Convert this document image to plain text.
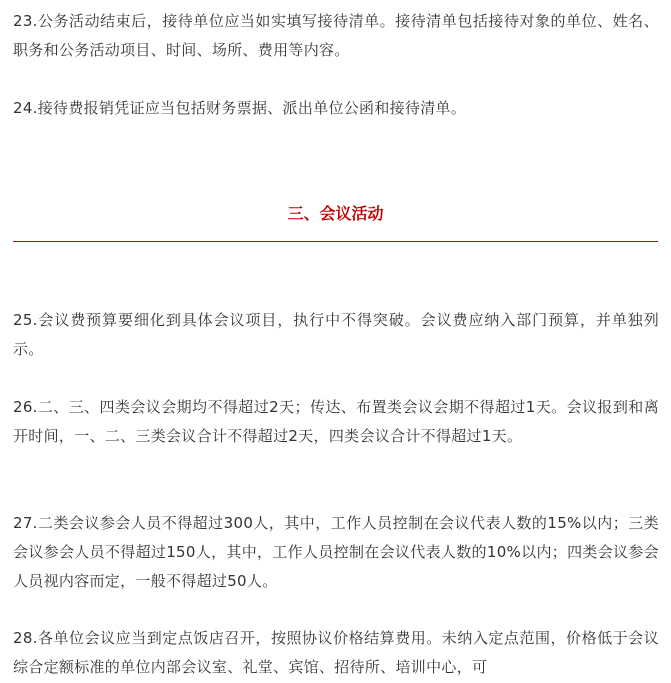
23.公务活动结束后，接待单位应当如实填写接待清单。接待清单包括接待对象的单位、姓名、职务和公务活动项目、时间、场所、费用等内容。

24.接待费报销凭证应当包括财务票据、派出单位公函和接待清单。

三、会议活动

25.会议费预算要细化到具体会议项目，执行中不得突破。会议费应纳入部门预算，并单独列示。

26.二、三、四类会议会期均不得超过2天；传达、布置类会议会期不得超过1天。会议报到和离开时间，一、二、三类会议合计不得超过2天，四类会议合计不得超过1天。

27.二类会议参会人员不得超过300人，其中，工作人员控制在会议代表人数的15%以内；三类会议参会人员不得超过150人，其中，工作人员控制在会议代表人数的10%以内；四类会议参会人员视内容而定，一般不得超过50人。

28.各单位会议应当到定点饭店召开，按照协议价格结算费用。未纳入定点范围，价格低于会议综合定额标准的单位内部会议室、礼堂、宾馆、招待所、培训中心，可
